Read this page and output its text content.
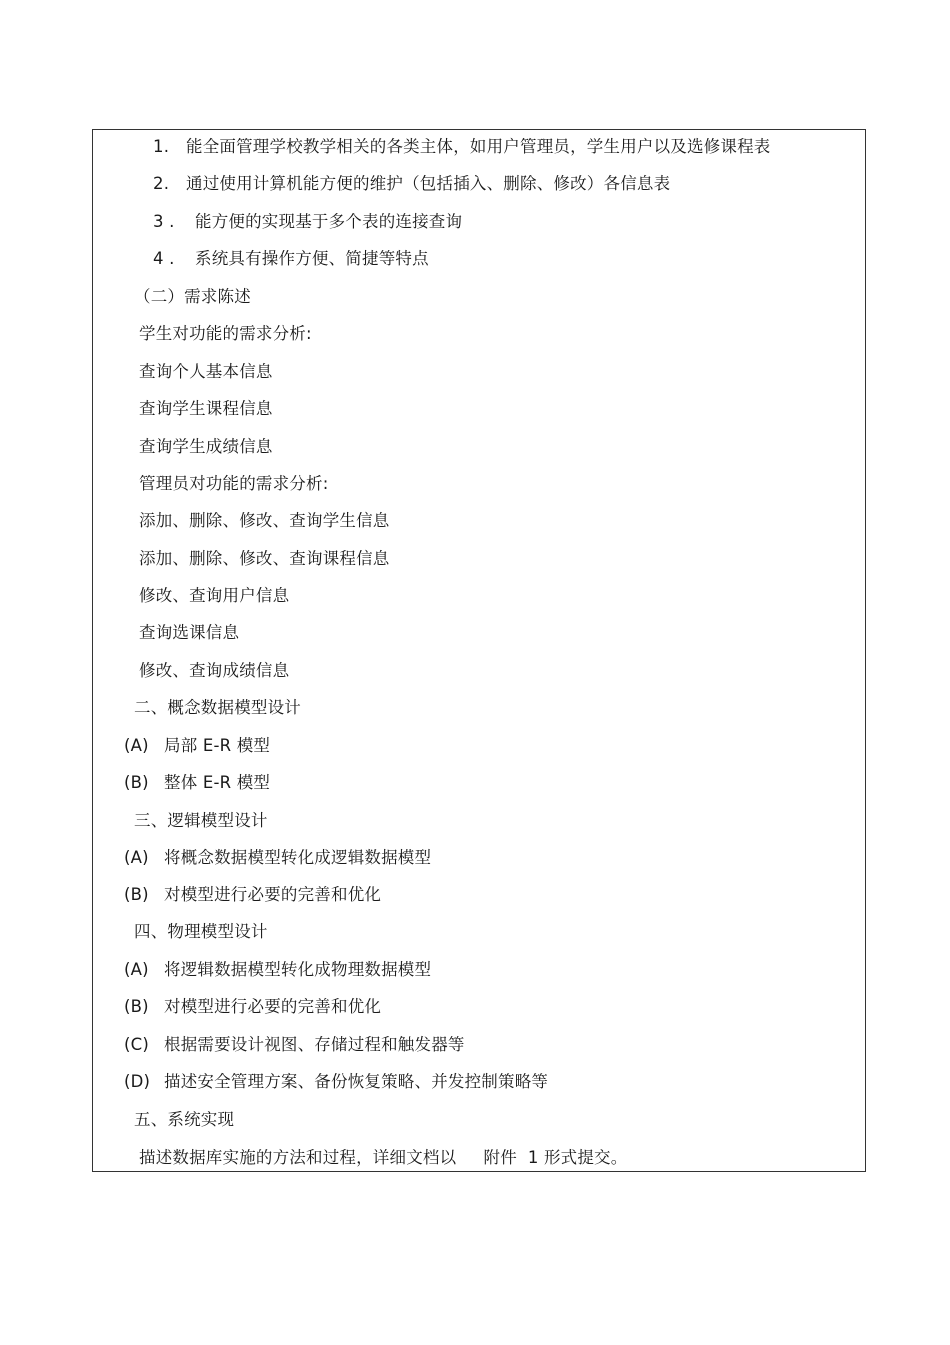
1. 能全面管理学校教学相关的各类主体，如用户管理员，学生用户以及选修课程表
2. 通过使用计算机能方便的维护（包括插入、删除、修改）各信息表
3 . 能方便的实现基于多个表的连接查询
4 . 系统具有操作方便、简捷等特点
（二）需求陈述
学生对功能的需求分析:
查询个人基本信息
查询学生课程信息
查询学生成绩信息
管理员对功能的需求分析:
添加、删除、修改、查询学生信息
添加、删除、修改、查询课程信息
修改、查询用户信息
查询选课信息
修改、查询成绩信息
二、概念数据模型设计
(A) 局部 E-R 模型
(B) 整体 E-R 模型
三、逻辑模型设计
(A) 将概念数据模型转化成逻辑数据模型
(B) 对模型进行必要的完善和优化
四、物理模型设计
(A) 将逻辑数据模型转化成物理数据模型
(B) 对模型进行必要的完善和优化
(C) 根据需要设计视图、存储过程和触发器等
(D) 描述安全管理方案、备份恢复策略、并发控制策略等
五、系统实现
描述数据库实施的方法和过程，详细文档以     附件  1 形式提交。
